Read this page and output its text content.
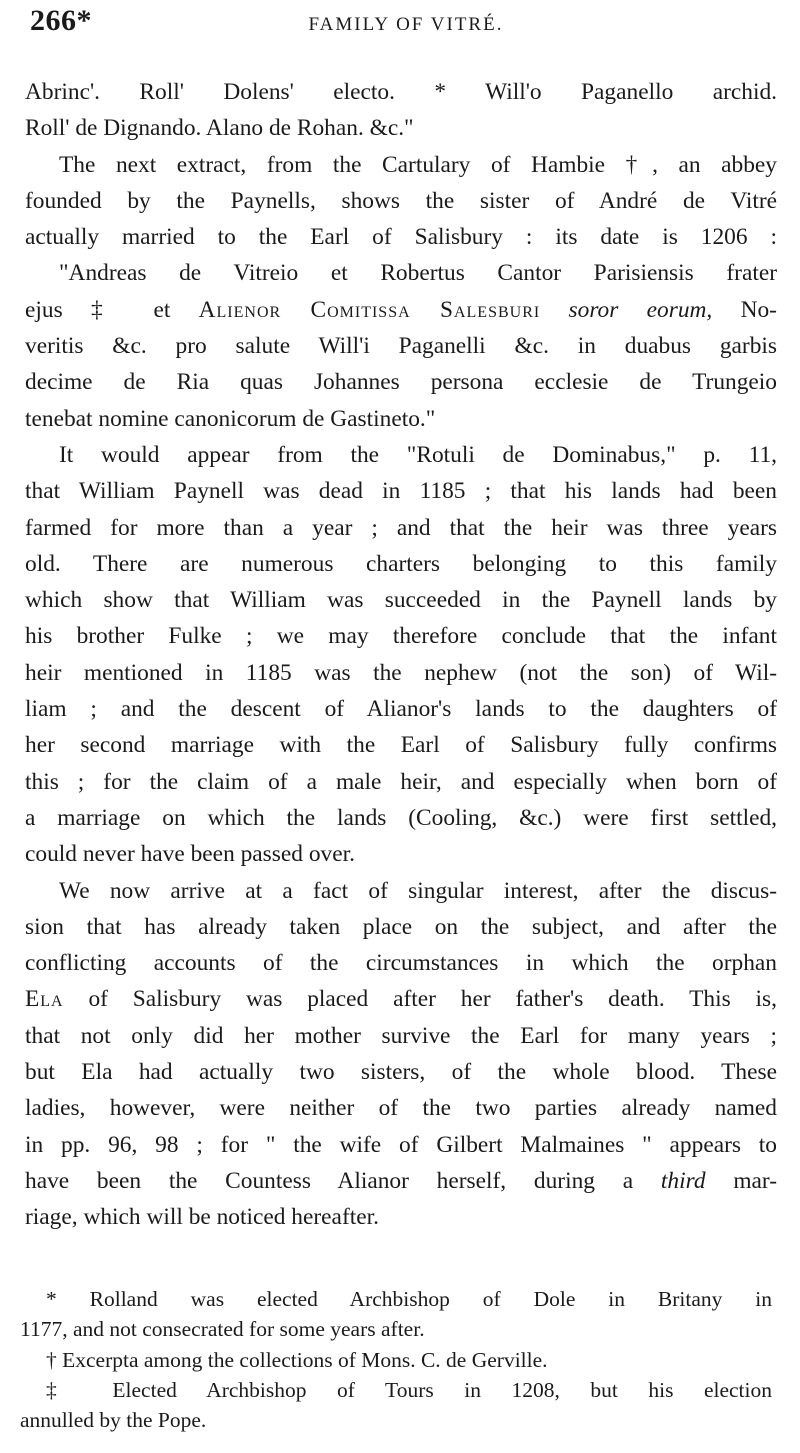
266*	FAMILY OF VITRÉ.
Abrinc'. Roll' Dolens' electo. * Will'o Paganello archid.
Roll' de Dignando. Alano de Rohan. &c."
The next extract, from the Cartulary of Hambie †, an abbey
founded by the Paynells, shows the sister of André de Vitré
actually married to the Earl of Salisbury : its date is 1206 :
"Andreas de Vitreio et Robertus Cantor Parisiensis frater
ejus ‡ et Alienor Comitissa Salesburi soror eorum, No-
veritis &c. pro salute Will'i Paganelli &c. in duabus garbis
decime de Ria quas Johannes persona ecclesie de Trungeio
tenebat nomine canonicorum de Gastineto."
It would appear from the "Rotuli de Dominabus," p. 11,
that William Paynell was dead in 1185 ; that his lands had been
farmed for more than a year ; and that the heir was three years
old. There are numerous charters belonging to this family
which show that William was succeeded in the Paynell lands by
his brother Fulke ; we may therefore conclude that the infant
heir mentioned in 1185 was the nephew (not the son) of Wil-
liam ; and the descent of Alianor's lands to the daughters of
her second marriage with the Earl of Salisbury fully confirms
this ; for the claim of a male heir, and especially when born of
a marriage on which the lands (Cooling, &c.) were first settled,
could never have been passed over.
We now arrive at a fact of singular interest, after the discus-
sion that has already taken place on the subject, and after the
conflicting accounts of the circumstances in which the orphan
Ela of Salisbury was placed after her father's death. This is,
that not only did her mother survive the Earl for many years ;
but Ela had actually two sisters, of the whole blood. These
ladies, however, were neither of the two parties already named
in pp. 96, 98 ; for " the wife of Gilbert Malmaines " appears to
have been the Countess Alianor herself, during a third mar-
riage, which will be noticed hereafter.
* Rolland was elected Archbishop of Dole in Britany in
1177, and not consecrated for some years after.
† Excerpta among the collections of Mons. C. de Gerville.
‡ Elected Archbishop of Tours in 1208, but his election
annulled by the Pope.
